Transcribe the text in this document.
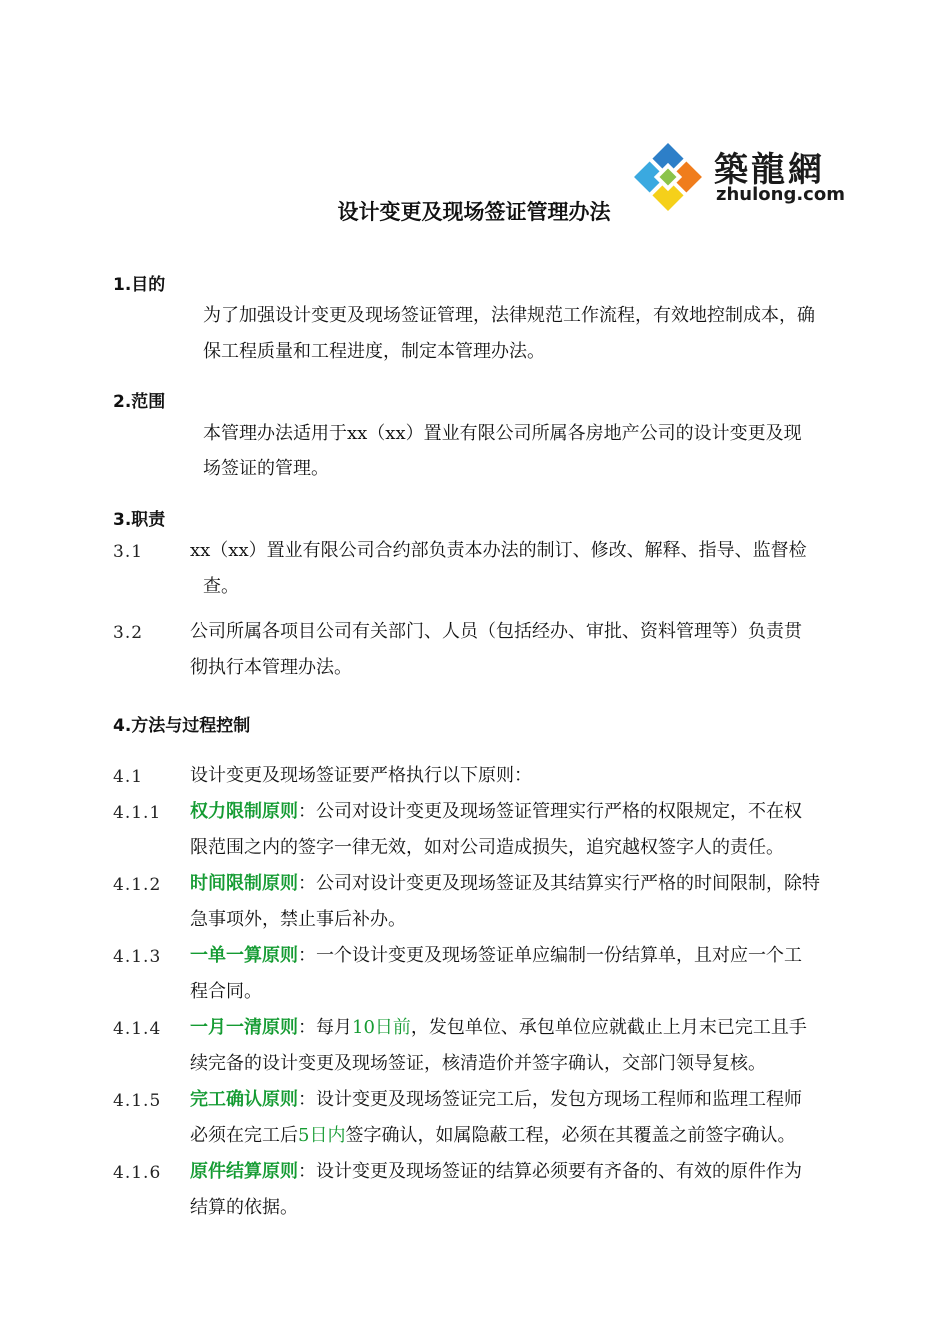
築龍網
zhulong.com
设计变更及现场签证管理办法
1.目的
为了加强设计变更及现场签证管理，法律规范工作流程，有效地控制成本，确
保工程质量和工程进度，制定本管理办法。
2.范围
本管理办法适用于xx（xx）置业有限公司所属各房地产公司的设计变更及现
场签证的管理。
3.职责
3.1	xx（xx）置业有限公司合约部负责本办法的制订、修改、解释、指导、监督检
查。
3.2	公司所属各项目公司有关部门、人员（包括经办、审批、资料管理等）负责贯
彻执行本管理办法。
4.方法与过程控制
4.1	设计变更及现场签证要严格执行以下原则：
4.1.1 权力限制原则：公司对设计变更及现场签证管理实行严格的权限规定，不在权
限范围之内的签字一律无效，如对公司造成损失，追究越权签字人的责任。
4.1.2 时间限制原则：公司对设计变更及现场签证及其结算实行严格的时间限制，除特
急事项外，禁止事后补办。
4.1.3 一单一算原则：一个设计变更及现场签证单应编制一份结算单，且对应一个工
程合同。
4.1.4 一月一清原则：每月10日前，发包单位、承包单位应就截止上月末已完工且手
续完备的设计变更及现场签证，核清造价并签字确认，交部门领导复核。
4.1.5 完工确认原则：设计变更及现场签证完工后，发包方现场工程师和监理工程师
必须在完工后5日内签字确认，如属隐蔽工程，必须在其覆盖之前签字确认。
4.1.6 原件结算原则：设计变更及现场签证的结算必须要有齐备的、有效的原件作为
结算的依据。
